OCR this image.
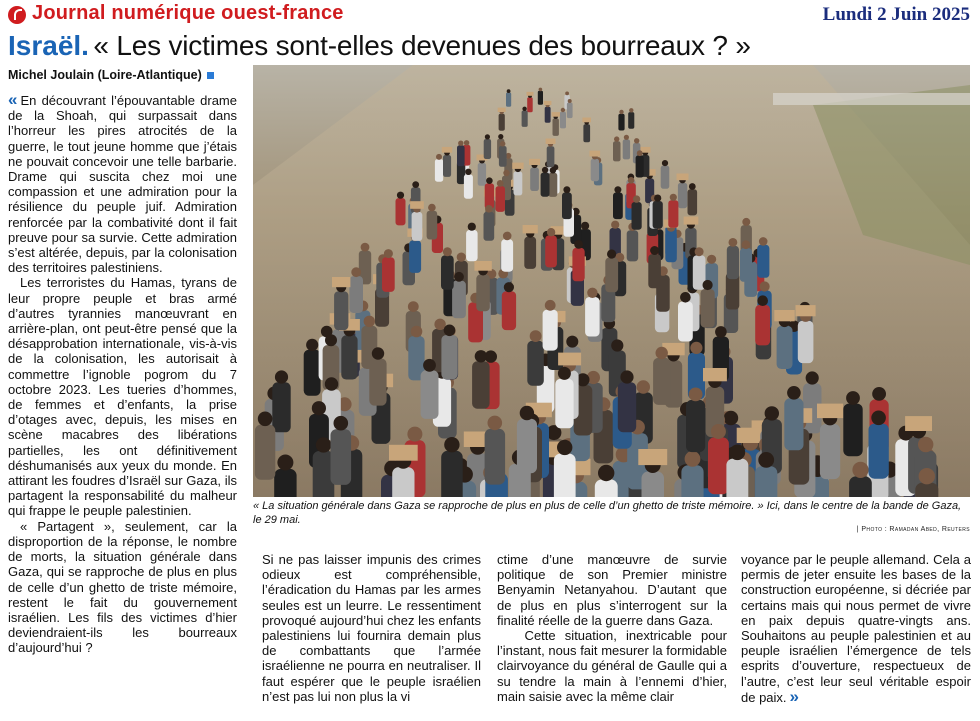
Journal numérique ouest-france	Lundi 2 Juin 2025
Israël. « Les victimes sont-elles devenues des bourreaux ? »
Michel Joulain (Loire-Atlantique)
« La situation générale dans Gaza se rapproche de plus en plus de celle d’un ghetto de triste mémoire. » Ici, dans le centre de la bande de Gaza, le 29 mai.
| Photo : Ramadan Abed, Reuters

« En découvrant l’épouvantable drame de la Shoah, qui surpassait dans l’horreur les pires atrocités de la guerre, le tout jeune homme que j’étais ne pouvait concevoir une telle barbarie. Drame qui suscita chez moi une compassion et une admiration pour la résilience du peuple juif. Admiration renforcée par la combativité dont il fait preuve pour sa survie. Cette admiration s’est altérée, depuis, par la colonisation des territoires palestiniens.

Les terroristes du Hamas, tyrans de leur propre peuple et bras armé d’autres tyrannies manœuvrant en arrière-plan, ont peut-être pensé que la désapprobation internationale, vis-à-vis de la colonisation, les autorisait à commettre l’ignoble pogrom du 7 octobre 2023. Les tueries d’hommes, de femmes et d’enfants, la prise d’otages avec, depuis, les mises en scène macabres des libérations partielles, les ont définitivement déshumanisés aux yeux du monde. En attirant les foudres d’Israël sur Gaza, ils partagent la responsabilité du malheur qui frappe le peuple palestinien.

« Partagent », seulement, car la disproportion de la réponse, le nombre de morts, la situation générale dans Gaza, qui se rapproche de plus en plus de celle d’un ghetto de triste mémoire, restent le fait du gouvernement israélien. Les fils des victimes d’hier deviendraient-ils les bourreaux d’aujourd’hui ?

Si ne pas laisser impunis des crimes odieux est compréhensible, l’éradication du Hamas par les armes seules est un leurre. Le ressentiment provoqué aujourd’hui chez les enfants palestiniens lui fournira demain plus de combattants que l’armée israélienne ne pourra en neutraliser. Il faut espérer que le peuple israélien n’est pas lui non plus la vi

ctime d’une manœuvre de survie politique de son Premier ministre Benyamin Netanyahou. D’autant que de plus en plus s’interrogent sur la finalité réelle de la guerre dans Gaza.
Cette situation, inextricable pour l’instant, nous fait mesurer la formidable clairvoyance du général de Gaulle qui a su tendre la main à l’ennemi d’hier, main saisie avec la même clair

voyance par le peuple allemand. Cela a permis de jeter ensuite les bases de la construction européenne, si décriée par certains mais qui nous permet de vivre en paix depuis quatre-vingts ans. Souhaitons au peuple palestinien et au peuple israélien l’émergence de tels esprits d’ouverture, respectueux de l’autre, c’est leur seul véritable espoir de paix. »
